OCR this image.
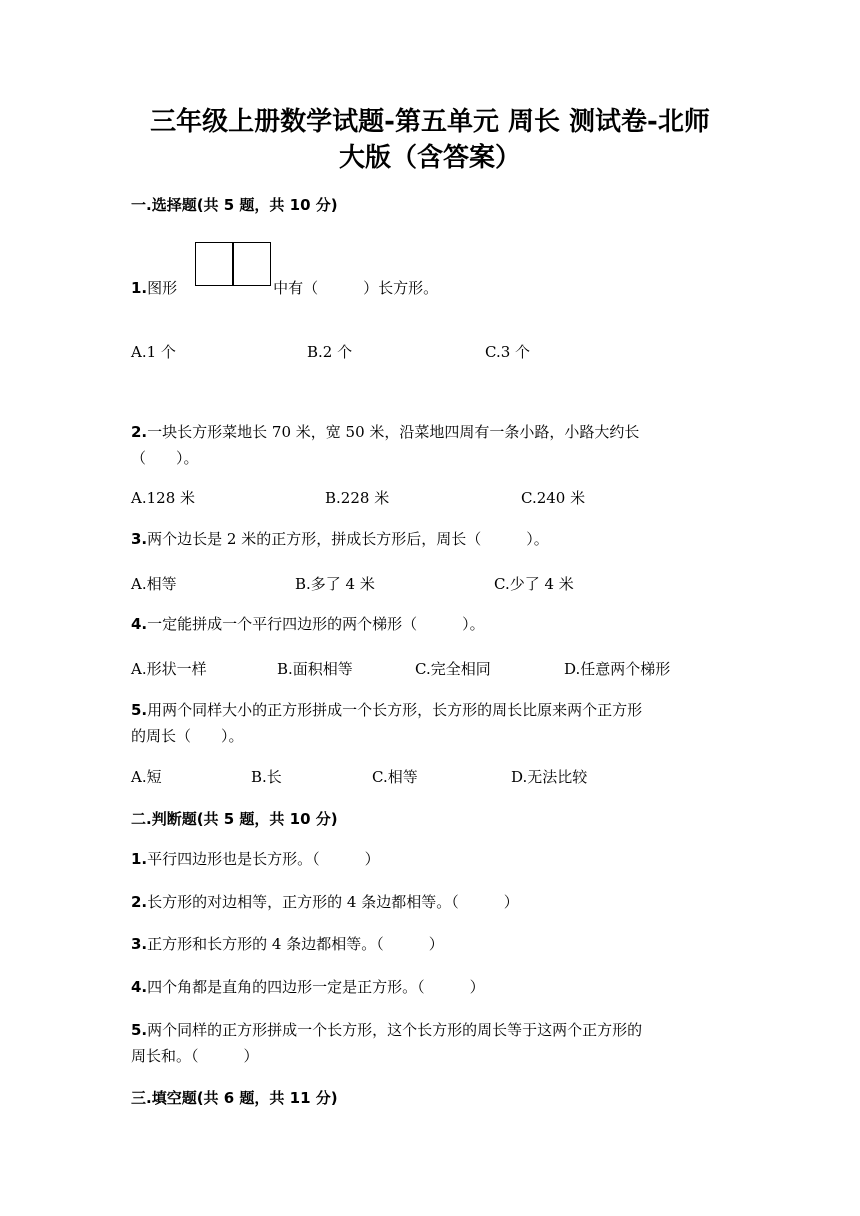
三年级上册数学试题-第五单元 周长 测试卷-北师
大版（含答案）
一.选择题(共 5 题，共 10 分)
1.图形	中有（　　　）长方形。
A.1 个	B.2 个	C.3 个
2.一块长方形菜地长 70 米，宽 50 米，沿菜地四周有一条小路，小路大约长
（　　）。
A.128 米	B.228 米	C.240 米
3.两个边长是 2 米的正方形，拼成长方形后，周长（　　　）。
A.相等	B.多了 4 米	C.少了 4 米
4.一定能拼成一个平行四边形的两个梯形（　　　）。
A.形状一样	B.面积相等	C.完全相同	D.任意两个梯形
5.用两个同样大小的正方形拼成一个长方形，长方形的周长比原来两个正方形
的周长（　　）。
A.短	B.长	C.相等	D.无法比较
二.判断题(共 5 题，共 10 分)
1.平行四边形也是长方形。（　　　）
2.长方形的对边相等，正方形的 4 条边都相等。（　　　）
3.正方形和长方形的 4 条边都相等。（　　　）
4.四个角都是直角的四边形一定是正方形。（　　　）
5.两个同样的正方形拼成一个长方形，这个长方形的周长等于这两个正方形的
周长和。（　　　）
三.填空题(共 6 题，共 11 分)
